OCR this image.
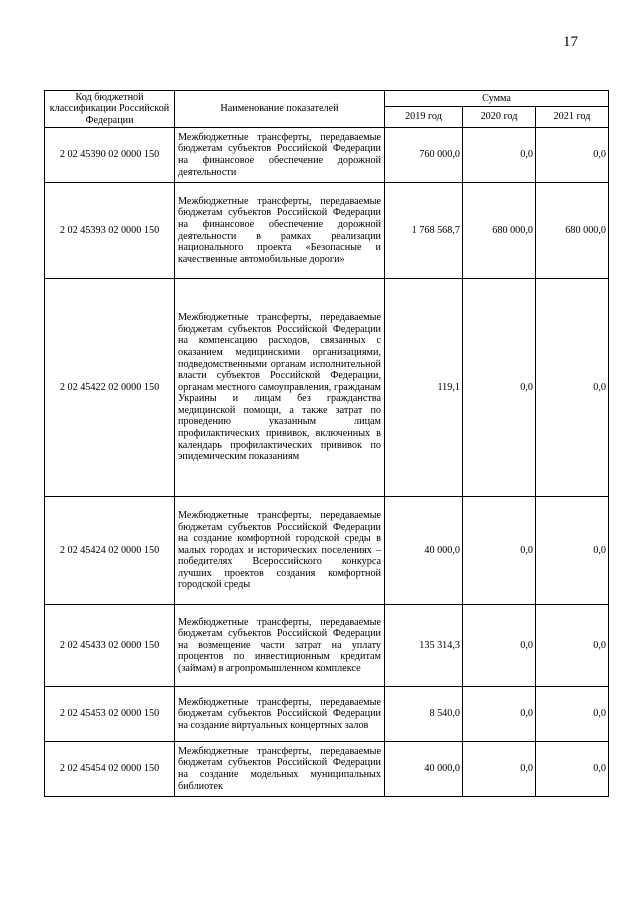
17
Код бюджетной классификации Российской Федерации	Наименование показателей	Сумма		
		2019 год	2020 год	2021 год
2 02 45390 02 0000 150	Межбюджетные трансферты, передаваемые бюджетам субъектов Российской Федерации на финансовое обеспечение дорожной деятельности	760 000,0	0,0	0,0
2 02 45393 02 0000 150	Межбюджетные трансферты, передаваемые бюджетам субъектов Российской Федерации на финансовое обеспечение дорожной деятельности в рамках реализации национального проекта «Безопасные и качественные автомобильные дороги»	1 768 568,7	680 000,0	680 000,0
2 02 45422 02 0000 150	Межбюджетные трансферты, передаваемые бюджетам субъектов Российской Федерации на компенсацию расходов, связанных с оказанием медицинскими организациями, подведомственными органам исполнительной власти субъектов Российской Федерации, органам местного самоуправления, гражданам Украины и лицам без гражданства медицинской помощи, а также затрат по проведению указанным лицам профилактических прививок, включенных в календарь профилактических прививок по эпидемическим показаниям	119,1	0,0	0,0
2 02 45424 02 0000 150	Межбюджетные трансферты, передаваемые бюджетам субъектов Российской Федерации на создание комфортной городской среды в малых городах и исторических поселениях – победителях Всероссийского конкурса лучших проектов создания комфортной городской среды	40 000,0	0,0	0,0
2 02 45433 02 0000 150	Межбюджетные трансферты, передаваемые бюджетам субъектов Российской Федерации на возмещение части затрат на уплату процентов по инвестиционным кредитам (займам) в агропромышленном комплексе	135 314,3	0,0	0,0
2 02 45453 02 0000 150	Межбюджетные трансферты, передаваемые бюджетам субъектов Российской Федерации на создание виртуальных концертных залов	8 540,0	0,0	0,0
2 02 45454 02 0000 150	Межбюджетные трансферты, передаваемые бюджетам субъектов Российской Федерации на создание модельных муниципальных библиотек	40 000,0	0,0	0,0
